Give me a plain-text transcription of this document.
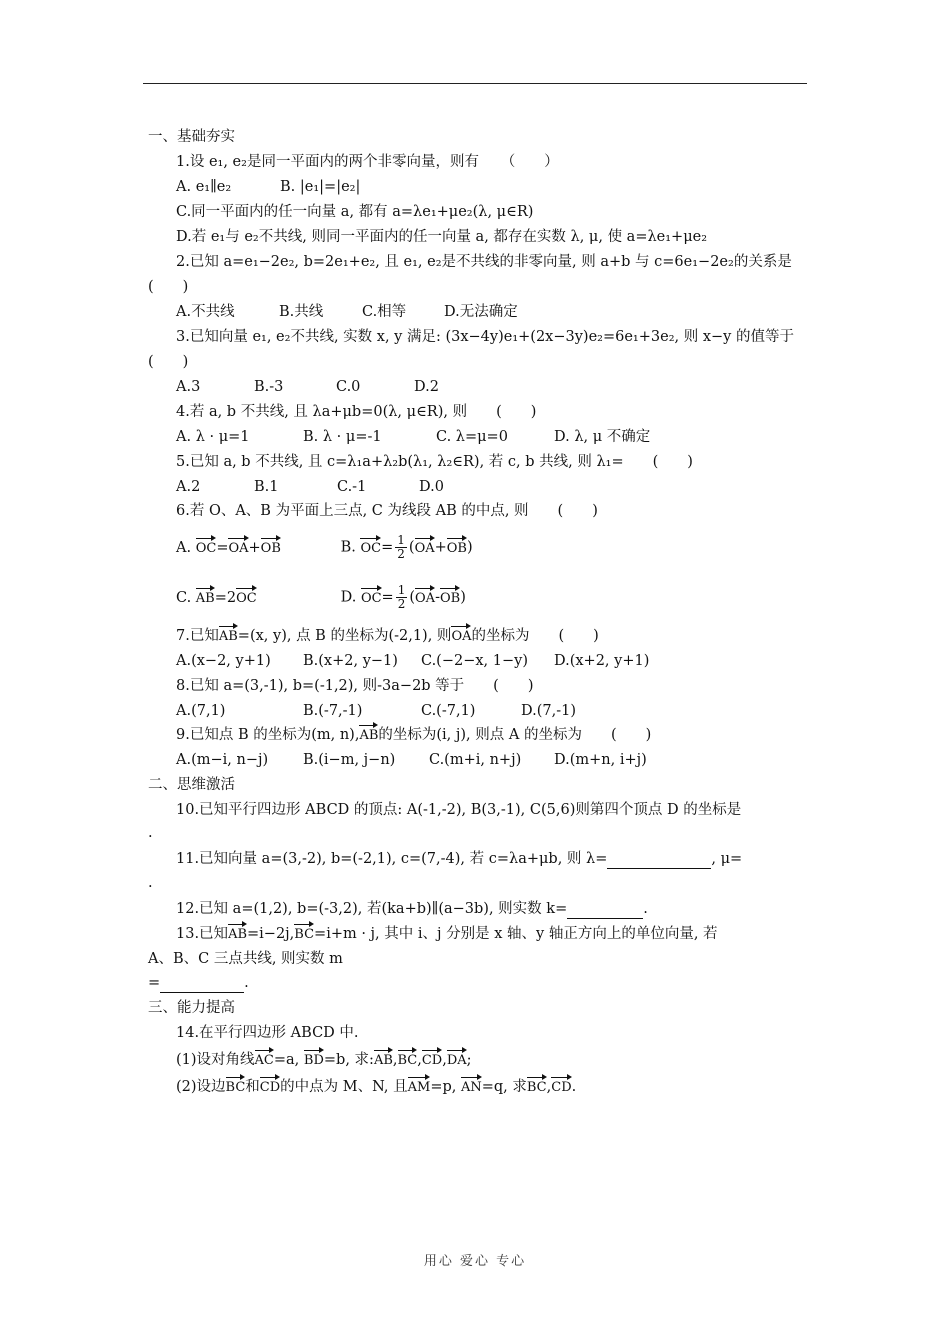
一、基础夯实
1.设 e₁, e₂是同一平面内的两个非零向量，则有　　（　　）
A. e₁∥e₂	B. |e₁|=|e₂|
C.同一平面内的任一向量 a, 都有 a=λe₁+μe₂(λ, μ∈R)
D.若 e₁与 e₂不共线, 则同一平面内的任一向量 a, 都存在实数 λ, μ, 使 a=λe₁+μe₂
2.已知 a=e₁−2e₂, b=2e₁+e₂, 且 e₁, e₂是不共线的非零向量, 则 a+b 与 c=6e₁−2e₂的关系是
(　　)
A.不共线	B.共线	C.相等	D.无法确定
3.已知向量 e₁, e₂不共线, 实数 x, y 满足: (3x−4y)e₁+(2x−3y)e₂=6e₁+3e₂, 则 x−y 的值等于
(　　)
A.3	B.-3	C.0	D.2
4.若 a, b 不共线, 且 λa+μb=0(λ, μ∈R), 则　　(　　)
A. λ · μ=1	B. λ · μ=-1	C. λ=μ=0	D. λ, μ 不确定
5.已知 a, b 不共线, 且 c=λ₁a+λ₂b(λ₁, λ₂∈R), 若 c, b 共线, 则 λ₁=　　(　　)
A.2	B.1	C.-1	D.0
6.若 O、A、B 为平面上三点, C 为线段 AB 的中点, 则　　(　　)
A. OC=OA+OB	B. $OC= \frac{1}{2} (OA+OB)$
C. AB=2OC	D. $OC= \frac{1}{2} (OA-OB)$
7.已知AB=(x, y), 点 B 的坐标为(-2,1), 则OA的坐标为　　(　　)
A.(x−2, y+1) B.(x+2, y−1) C.(−2−x, 1−y) D.(x+2, y+1)
8.已知 a=(3,-1), b=(-1,2), 则-3a−2b 等于　　(　　)
A.(7,1)	B.(-7,-1)	C.(-7,1)	D.(7,-1)
9.已知点 B 的坐标为(m, n),AB的坐标为(i, j), 则点 A 的坐标为　　(　　)
A.(m−i, n−j) B.(i−m, j−n) C.(m+i, n+j) D.(m+n, i+j)
二、思维激活
10.已知平行四边形 ABCD 的顶点: A(-1,-2), B(3,-1), C(5,6)则第四个顶点 D 的坐标是
.
11.已知向量 a=(3,-2), b=(-2,1), c=(7,-4), 若 c=λa+μb, 则 λ=	, μ=
.
12.已知 a=(1,2), b=(-3,2), 若(ka+b)∥(a−3b), 则实数 k=	.
13.已知AB=i−2j,BC=i+m · j, 其中 i、j 分别是 x 轴、y 轴正方向上的单位向量, 若
A、B、C 三点共线, 则实数 m
=	.
三、能力提高
14.在平行四边形 ABCD 中.
(1)设对角线AC=a, BD=b, 求:AB,BC,CD,DA;
(2)设边BC和CD的中点为 M、N, 且AM=p, AN=q, 求BC,CD.
用心 爱心 专心
